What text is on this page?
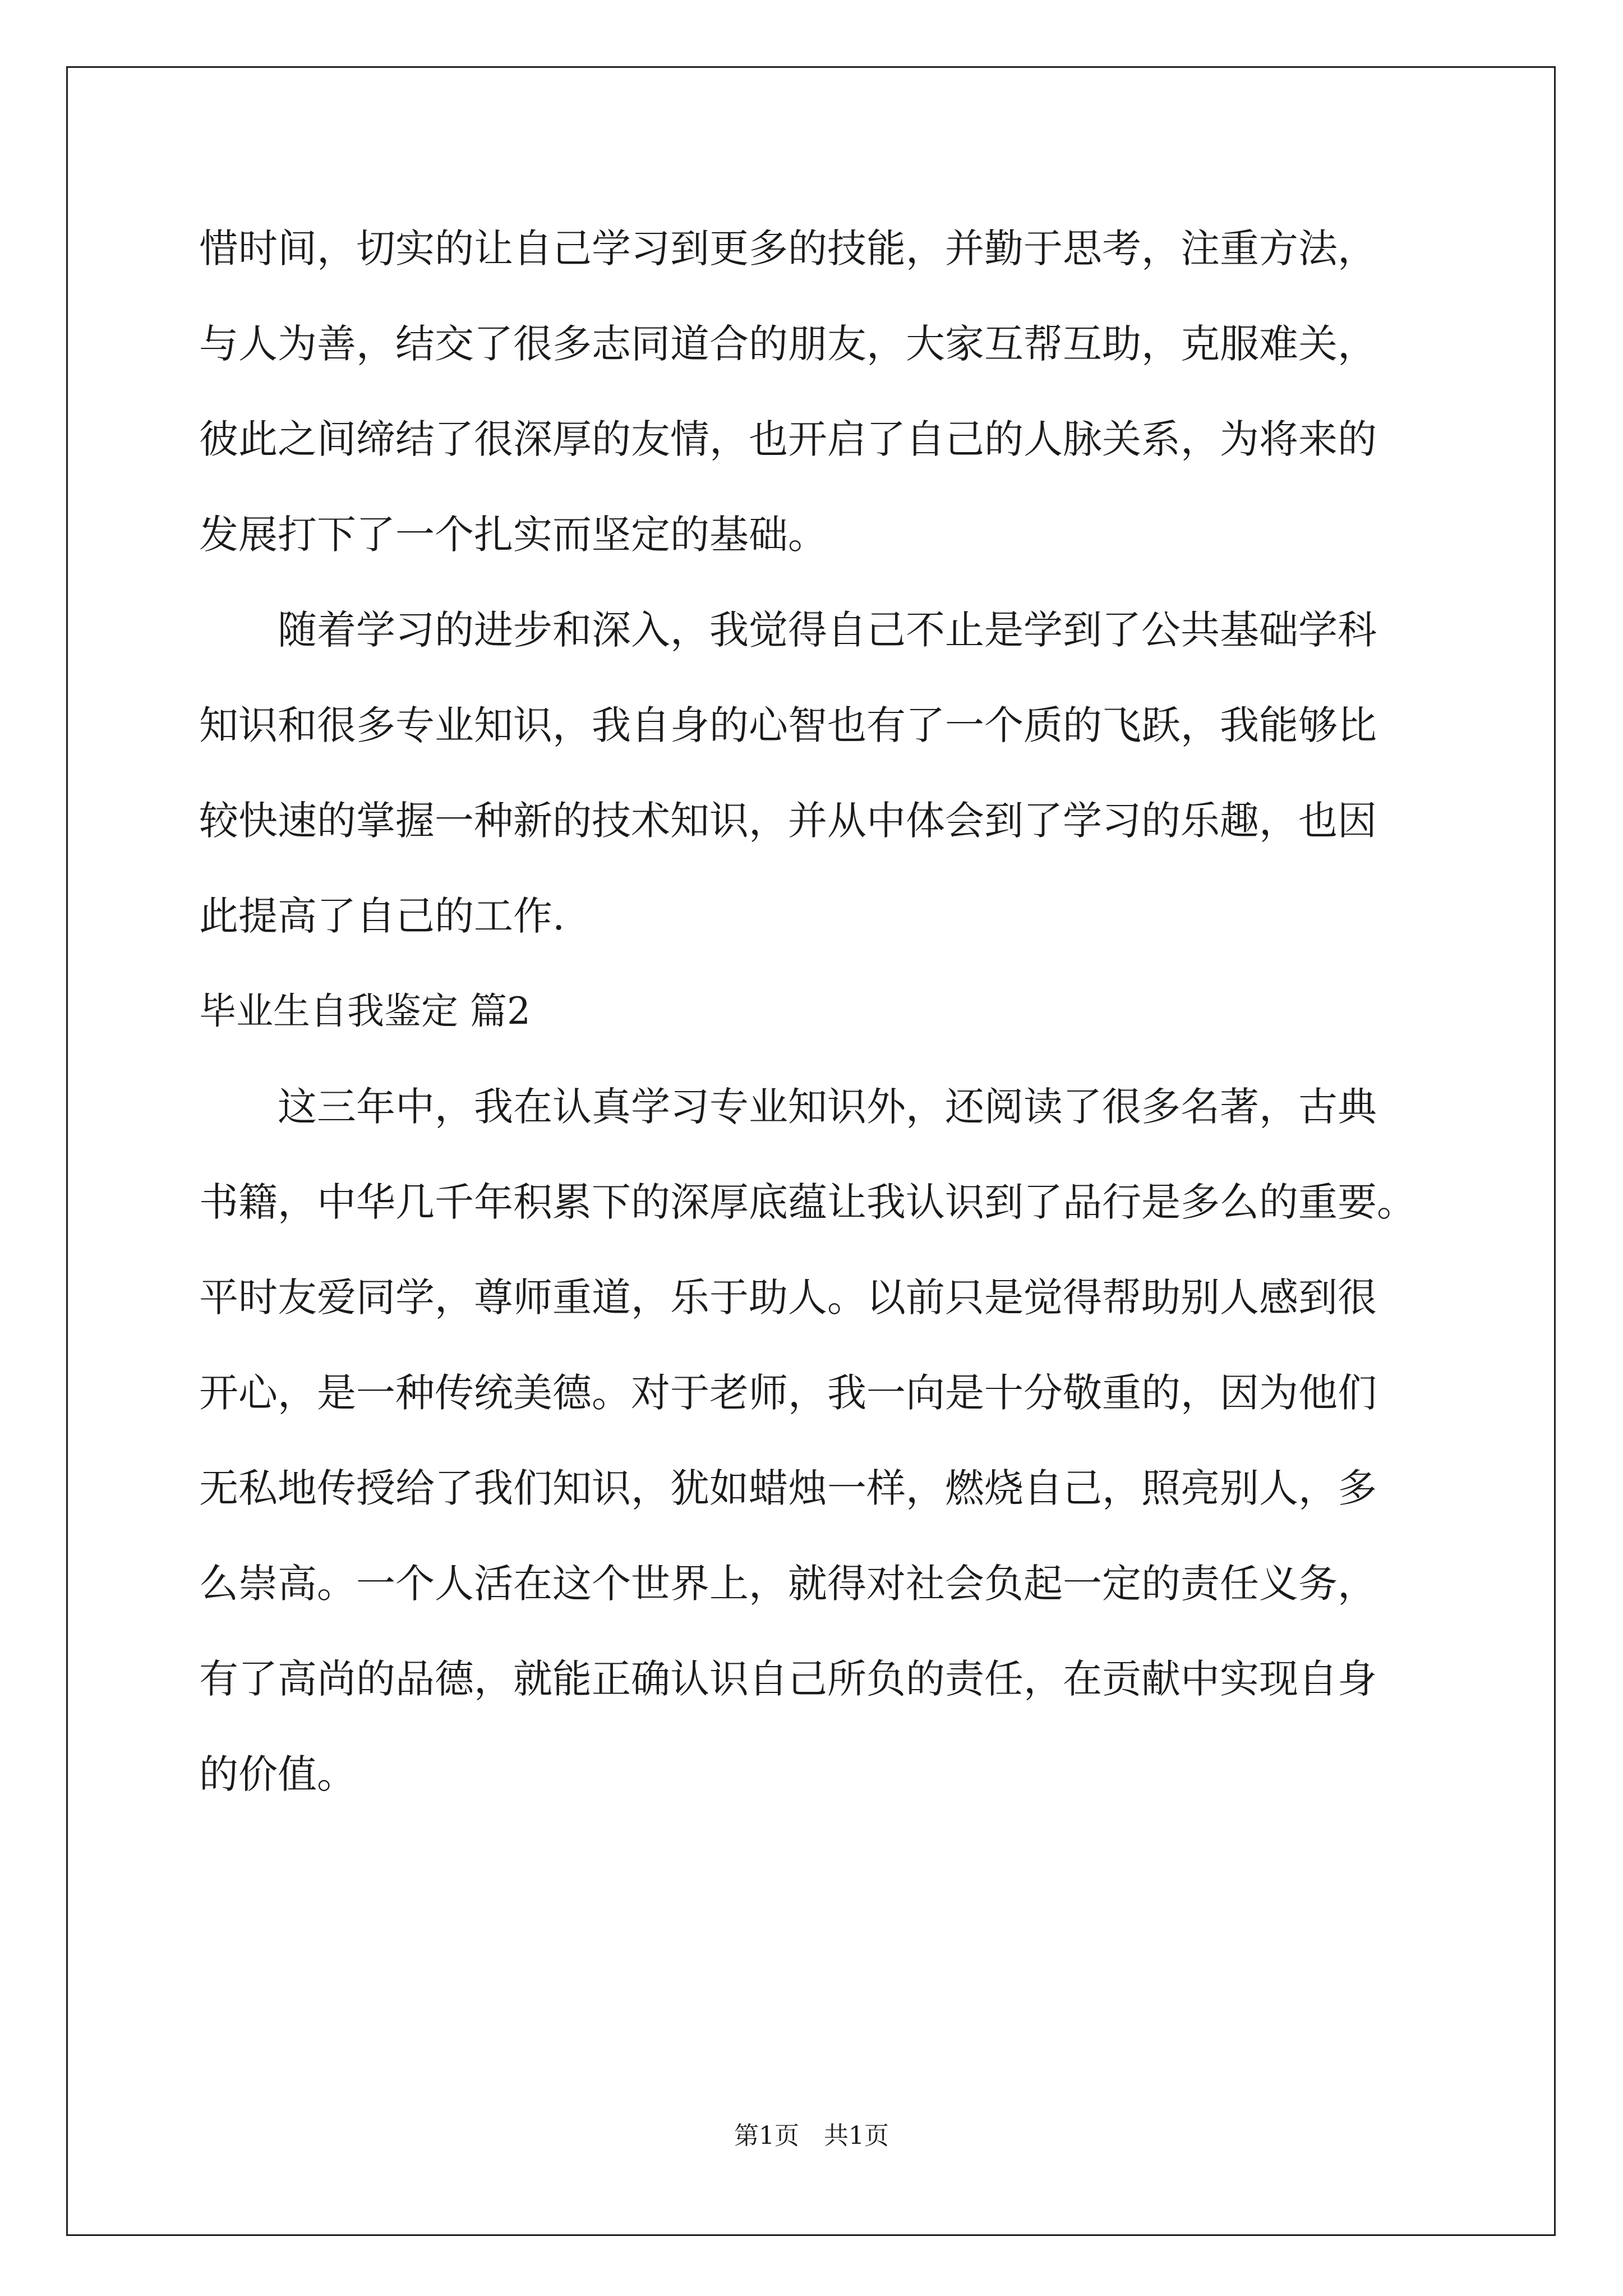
惜时间，切实的让自己学习到更多的技能，并勤于思考，注重方法，
与人为善，结交了很多志同道合的朋友，大家互帮互助，克服难关，
彼此之间缔结了很深厚的友情，也开启了自己的人脉关系，为将来的
发展打下了一个扎实而坚定的基础。
　　随着学习的进步和深入，我觉得自己不止是学到了公共基础学科
知识和很多专业知识，我自身的心智也有了一个质的飞跃，我能够比
较快速的掌握一种新的技术知识，并从中体会到了学习的乐趣，也因
此提高了自己的工作.
毕业生自我鉴定 篇2
　　这三年中，我在认真学习专业知识外，还阅读了很多名著，古典
书籍，中华几千年积累下的深厚底蕴让我认识到了品行是多么的重要。
平时友爱同学，尊师重道，乐于助人。以前只是觉得帮助别人感到很
开心，是一种传统美德。对于老师，我一向是十分敬重的，因为他们
无私地传授给了我们知识，犹如蜡烛一样，燃烧自己，照亮别人，多
么崇高。一个人活在这个世界上，就得对社会负起一定的责任义务，
有了高尚的品德，就能正确认识自己所负的责任，在贡献中实现自身
的价值。
第1页　共1页
